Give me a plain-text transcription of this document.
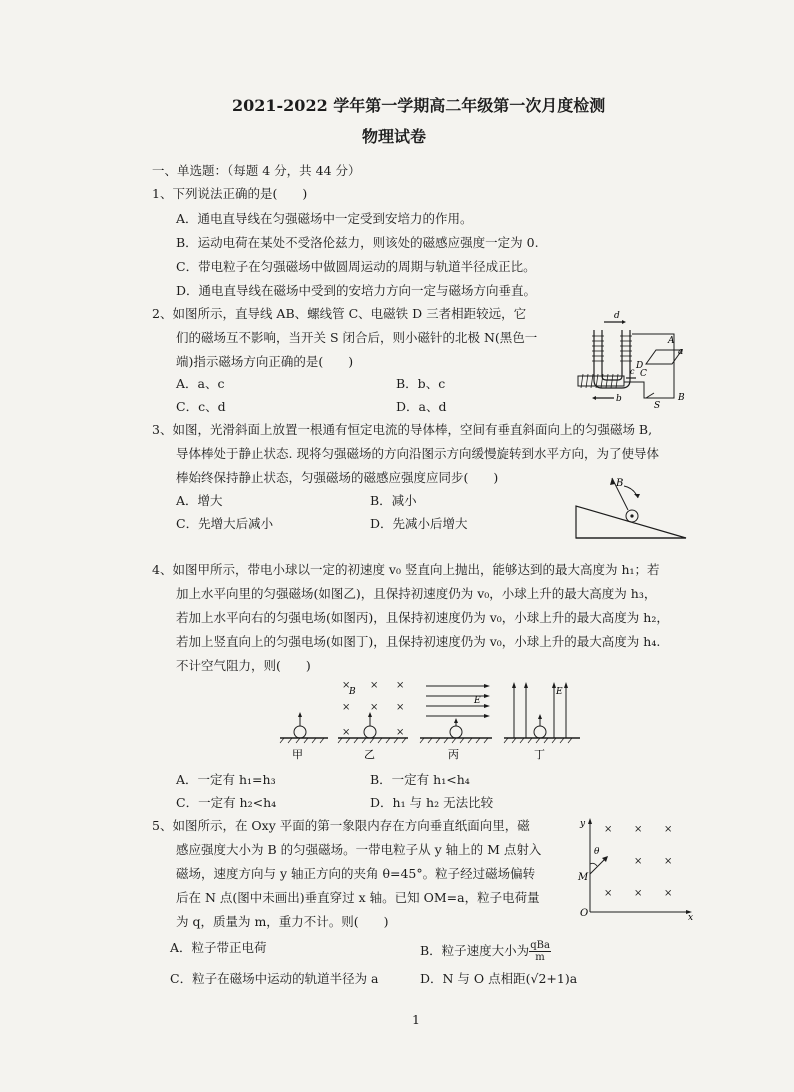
2021-2022 学年第一学期高二年级第一次月度检测
物理试卷
一、单选题：（每题 4 分，共 44 分）
1、下列说法正确的是(　　)
A．通电直导线在匀强磁场中一定受到安培力的作用。
B．运动电荷在某处不受洛伦兹力，则该处的磁感应强度一定为 0.
C．带电粒子在匀强磁场中做圆周运动的周期与轨道半径成正比。
D．通电直导线在磁场中受到的安培力方向一定与磁场方向垂直。
2、如图所示，直导线 AB、螺线管 C、电磁铁 D 三者相距较远，它
们的磁场互不影响，当开关 S 闭合后，则小磁针的北极 N(黑色一
端)指示磁场方向正确的是(　　)
A．a、c	B．b、c
C．c、d	D．a、d
d
A
a
D
C
B
b
S
c
3、如图，光滑斜面上放置一根通有恒定电流的导体棒，空间有垂直斜面向上的匀强磁场 B,
导体棒处于静止状态. 现将匀强磁场的方向沿图示方向缓慢旋转到水平方向，为了使导体
棒始终保持静止状态，匀强磁场的磁感应强度应同步(　　)
A．增大	B．减小
C．先增大后减小	D．先减小后增大
B
4、如图甲所示，带电小球以一定的初速度 v₀ 竖直向上抛出，能够达到的最大高度为 h₁；若
加上水平向里的匀强磁场(如图乙)，且保持初速度仍为 v₀，小球上升的最大高度为 h₃，
若加上水平向右的匀强电场(如图丙)，且保持初速度仍为 v₀，小球上升的最大高度为 h₂，
若加上竖直向上的匀强电场(如图丁)，且保持初速度仍为 v₀，小球上升的最大高度为 h₄.
不计空气阻力，则(　　)
甲
× × ×
× × ×
×	×
B
乙
E
丙
E
丁
A．一定有 h₁=h₃	B．一定有 h₁<h₄
C．一定有 h₂<h₄	D．h₁ 与 h₂ 无法比较
5、如图所示，在 Oxy 平面的第一象限内存在方向垂直纸面向里，磁
感应强度大小为 B 的匀强磁场。一带电粒子从 y 轴上的 M 点射入
磁场，速度方向与 y 轴正方向的夹角 θ=45°。粒子经过磁场偏转
后在 N 点(图中未画出)垂直穿过 x 轴。已知 OM=a，粒子电荷量
为 q，质量为 m，重力不计。则(　　)
y
x
O
M
θ
× × ×
× ×
× × ×
A．粒子带正电荷	B．粒子速度大小为 $\frac{\text{qBa}}{m}$
C．粒子在磁场中运动的轨道半径为 a	D．N 与 O 点相距(√2+1)a
1
